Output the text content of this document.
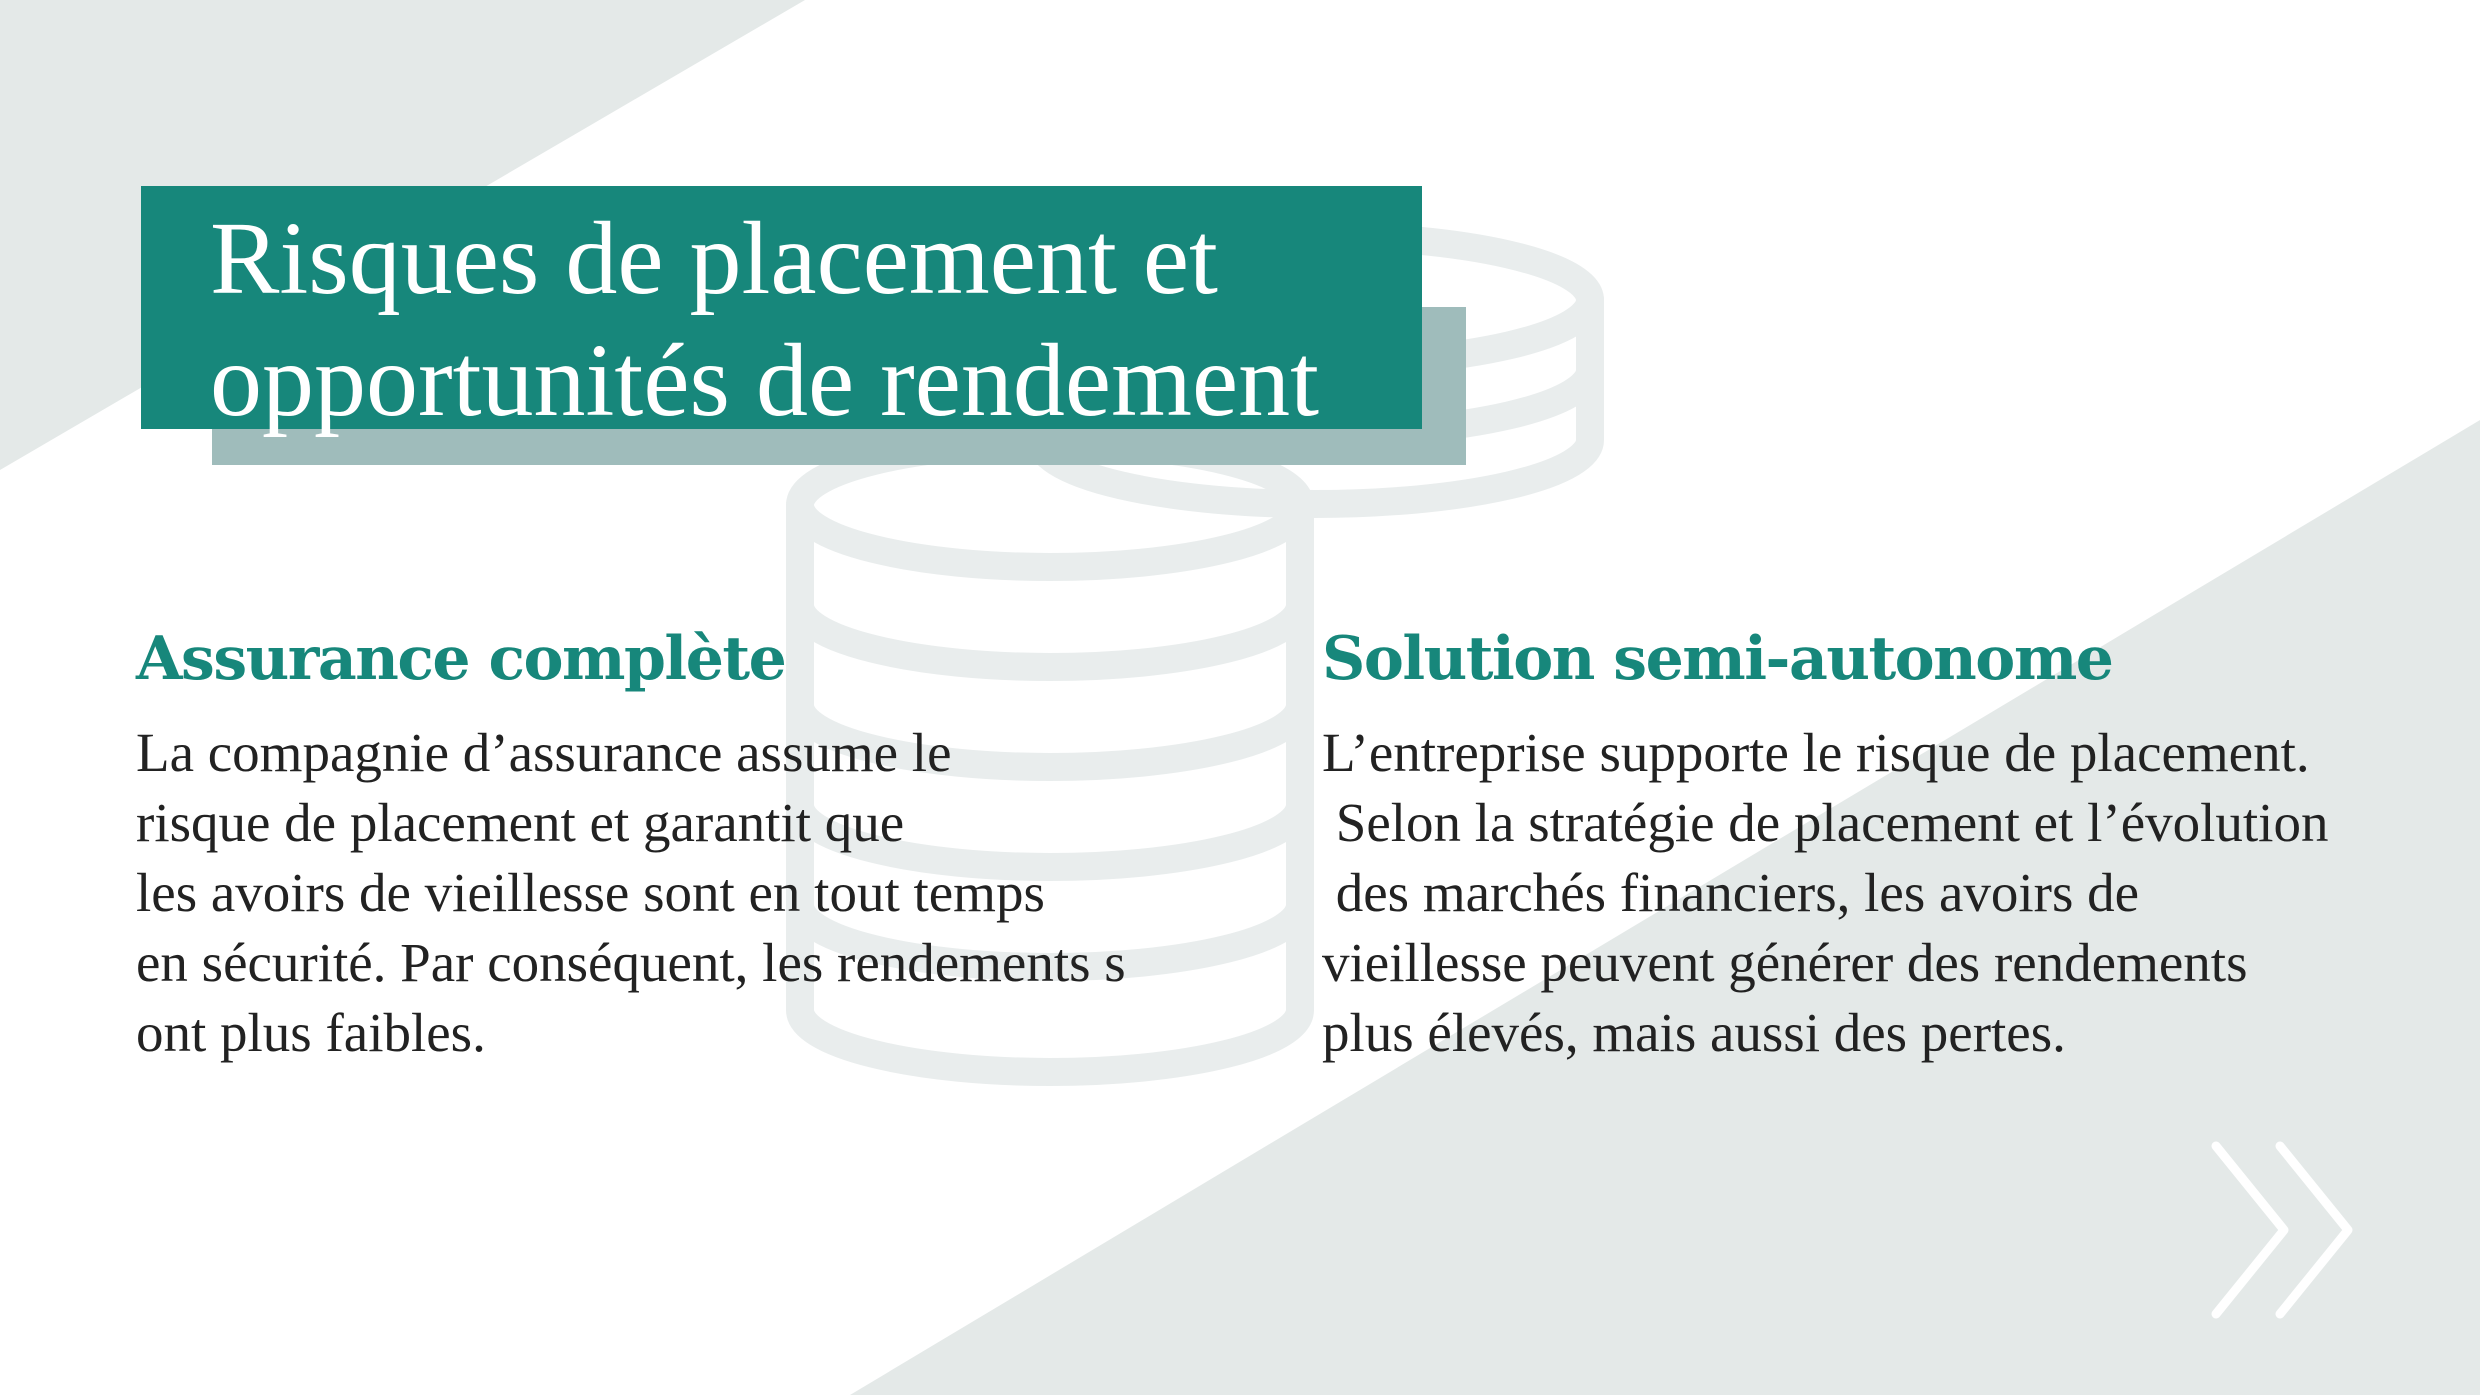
Risques de placement et
opportunités de rendement
Assurance complète
La compagnie d’assurance assume le
risque de placement et garantit que
les avoirs de vieillesse sont en tout temps
en sécurité. Par conséquent, les rendements s
ont plus faibles.
Solution semi-autonome
L’entreprise supporte le risque de placement.
Selon la stratégie de placement et l’évolution
des marchés financiers, les avoirs de
vieillesse peuvent générer des rendements
plus élevés, mais aussi des pertes.
